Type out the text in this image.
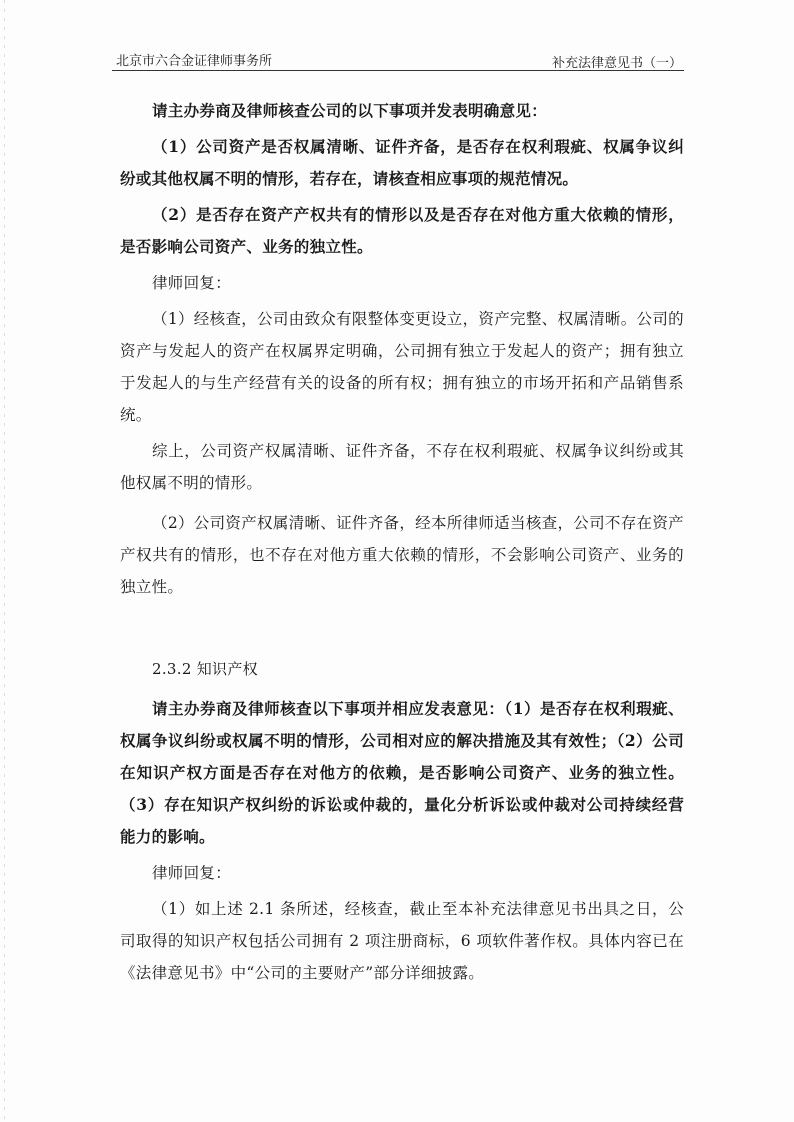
北京市六合金证律师事务所	补充法律意见书（一）

请主办券商及律师核查公司的以下事项并发表明确意见：

（1）公司资产是否权属清晰、证件齐备，是否存在权利瑕疵、权属争议纠纷或其他权属不明的情形，若存在，请核查相应事项的规范情况。

（2）是否存在资产产权共有的情形以及是否存在对他方重大依赖的情形，是否影响公司资产、业务的独立性。

律师回复：

（1）经核查，公司由致众有限整体变更设立，资产完整、权属清晰。公司的资产与发起人的资产在权属界定明确，公司拥有独立于发起人的资产；拥有独立于发起人的与生产经营有关的设备的所有权；拥有独立的市场开拓和产品销售系统。

综上，公司资产权属清晰、证件齐备，不存在权利瑕疵、权属争议纠纷或其他权属不明的情形。

（2）公司资产权属清晰、证件齐备，经本所律师适当核查，公司不存在资产产权共有的情形，也不存在对他方重大依赖的情形，不会影响公司资产、业务的独立性。

2.3.2 知识产权

请主办券商及律师核查以下事项并相应发表意见：（1）是否存在权利瑕疵、权属争议纠纷或权属不明的情形，公司相对应的解决措施及其有效性；（2）公司在知识产权方面是否存在对他方的依赖，是否影响公司资产、业务的独立性。（3）存在知识产权纠纷的诉讼或仲裁的，量化分析诉讼或仲裁对公司持续经营能力的影响。

律师回复：

（1）如上述 2.1 条所述，经核查，截止至本补充法律意见书出具之日，公司取得的知识产权包括公司拥有 2 项注册商标，6 项软件著作权。具体内容已在《法律意见书》中“公司的主要财产”部分详细披露。
